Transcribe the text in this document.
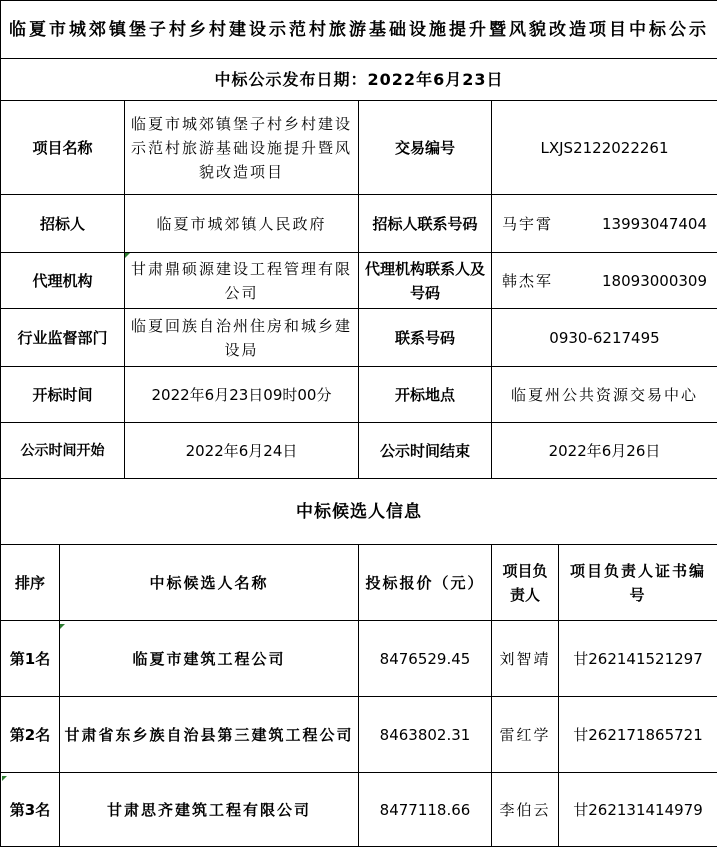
临夏市城郊镇堡子村乡村建设示范村旅游基础设施提升暨风貌改造项目中标公示					
中标公示发布日期：2022年6月23日					
项目名称		临夏市城郊镇堡子村乡村建设示范村旅游基础设施提升暨风貌改造项目	交易编号	LXJS2122022261	
招标人		临夏市城郊镇人民政府	招标人联系号码	马宇霄 13993047404	

代理机构		甘肃鼎硕源建设工程管理有限公司	代理机构联系人及号码	韩杰军 18093000309	

行业监督部门		临夏回族自治州住房和城乡建设局	联系号码	0930-6217495	
开标时间		2022年6月23日09时00分	开标地点	临夏州公共资源交易中心	
公示时间开始		2022年6月24日	公示时间结束	2022年6月26日	
中标候选人信息					
排序	中标候选人名称		投标报价（元）	项目负责人	项目负责人证书编号
第1名	临夏市建筑工程公司		8476529.45	刘智靖	甘262141521297
第2名	甘肃省东乡族自治县第三建筑工程公司		8463802.31	雷红学	甘262171865721
第3名	甘肃思齐建筑工程有限公司		8477118.66	李伯云	甘262131414979
